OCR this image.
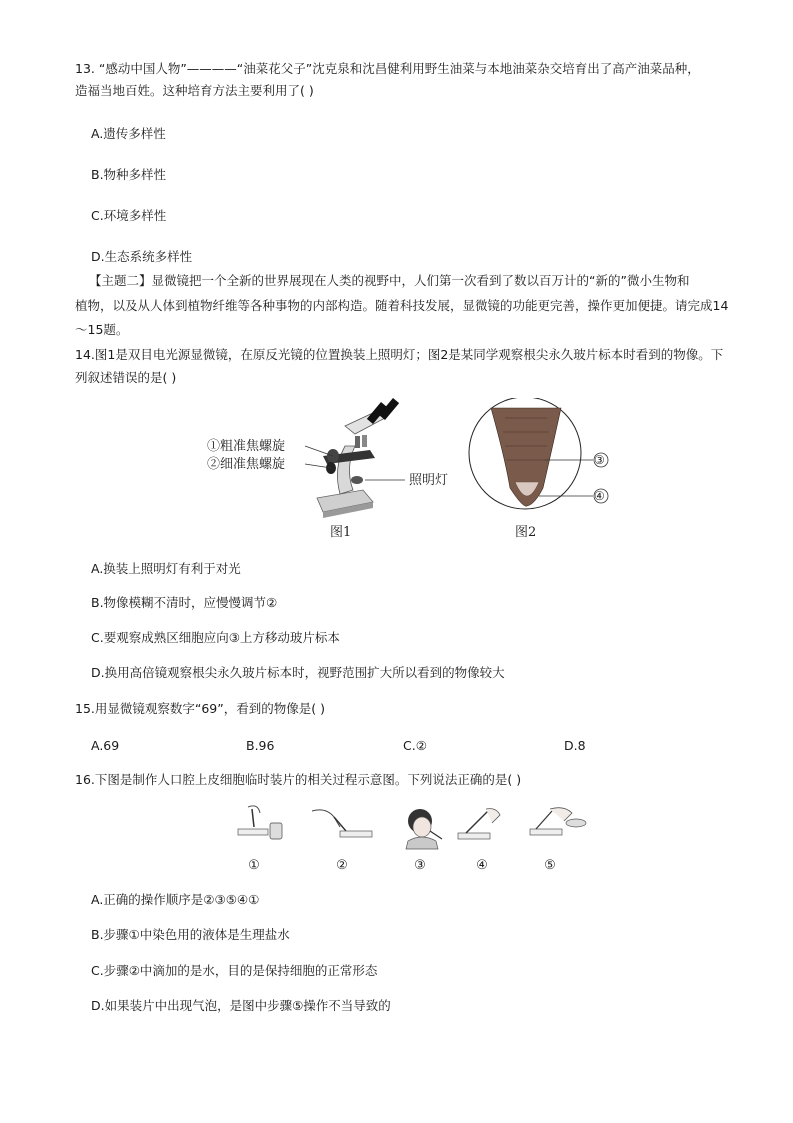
13. “感动中国人物”————“油菜花父子”沈克泉和沈昌健利用野生油菜与本地油菜杂交培育出了高产油菜品种，
造福当地百姓。这种培育方法主要利用了( )
A.遗传多样性
B.物种多样性
C.环境多样性
D.生态系统多样性
【主题二】显微镜把一个全新的世界展现在人类的视野中，人们第一次看到了数以百万计的“新的”微小生物和
植物，以及从人体到植物纤维等各种事物的内部构造。随着科技发展，显微镜的功能更完善，操作更加便捷。请完成14
～15题。
14.图1是双目电光源显微镜，在原反光镜的位置换装上照明灯；图2是某同学观察根尖永久玻片标本时看到的物像。下
列叙述错误的是( )
①粗准焦螺旋
②细准焦螺旋
照明灯
图1
③
④
图2
A.换装上照明灯有利于对光
B.物像模糊不清时，应慢慢调节②
C.要观察成熟区细胞应向③上方移动玻片标本
D.换用高倍镜观察根尖永久玻片标本时，视野范围扩大所以看到的物像较大
15.用显微镜观察数字“69”，看到的物像是( )
A.69	B.96	C.②	D.8
16.下图是制作人口腔上皮细胞临时装片的相关过程示意图。下列说法正确的是( )
①	②	③	④	⑤
A.正确的操作顺序是②③⑤④①
B.步骤①中染色用的液体是生理盐水
C.步骤②中滴加的是水，目的是保持细胞的正常形态
D.如果装片中出现气泡，是图中步骤⑤操作不当导致的
